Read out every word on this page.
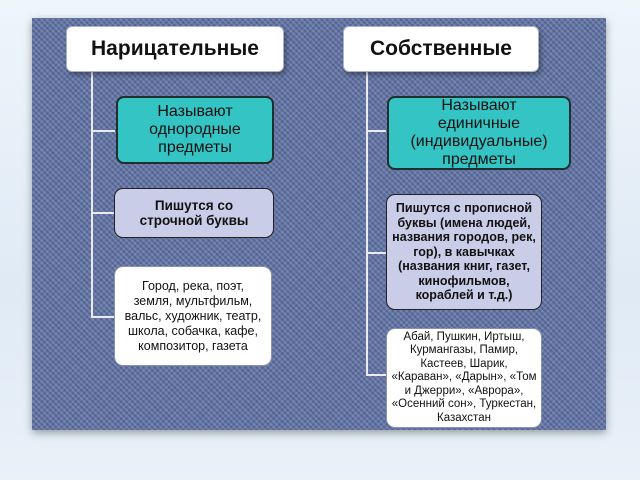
Нарицательные	Собственные
Называют однородные предметы
Называют единичные (индивидуальные) предметы
Пишутся со строчной буквы
Пишутся с прописной буквы (имена людей, названия городов, рек, гор), в кавычках (названия книг, газет, кинофильмов, кораблей и т.д.)
Город, река, поэт, земля, мультфильм, вальс, художник, театр, школа, собачка, кафе, композитор, газета
Абай, Пушкин, Иртыш, Курмангазы, Памир, Кастеев, Шарик, «Караван», «Дарын», «Том и Джерри», «Аврора», «Осенний сон», Туркестан, Казахстан
